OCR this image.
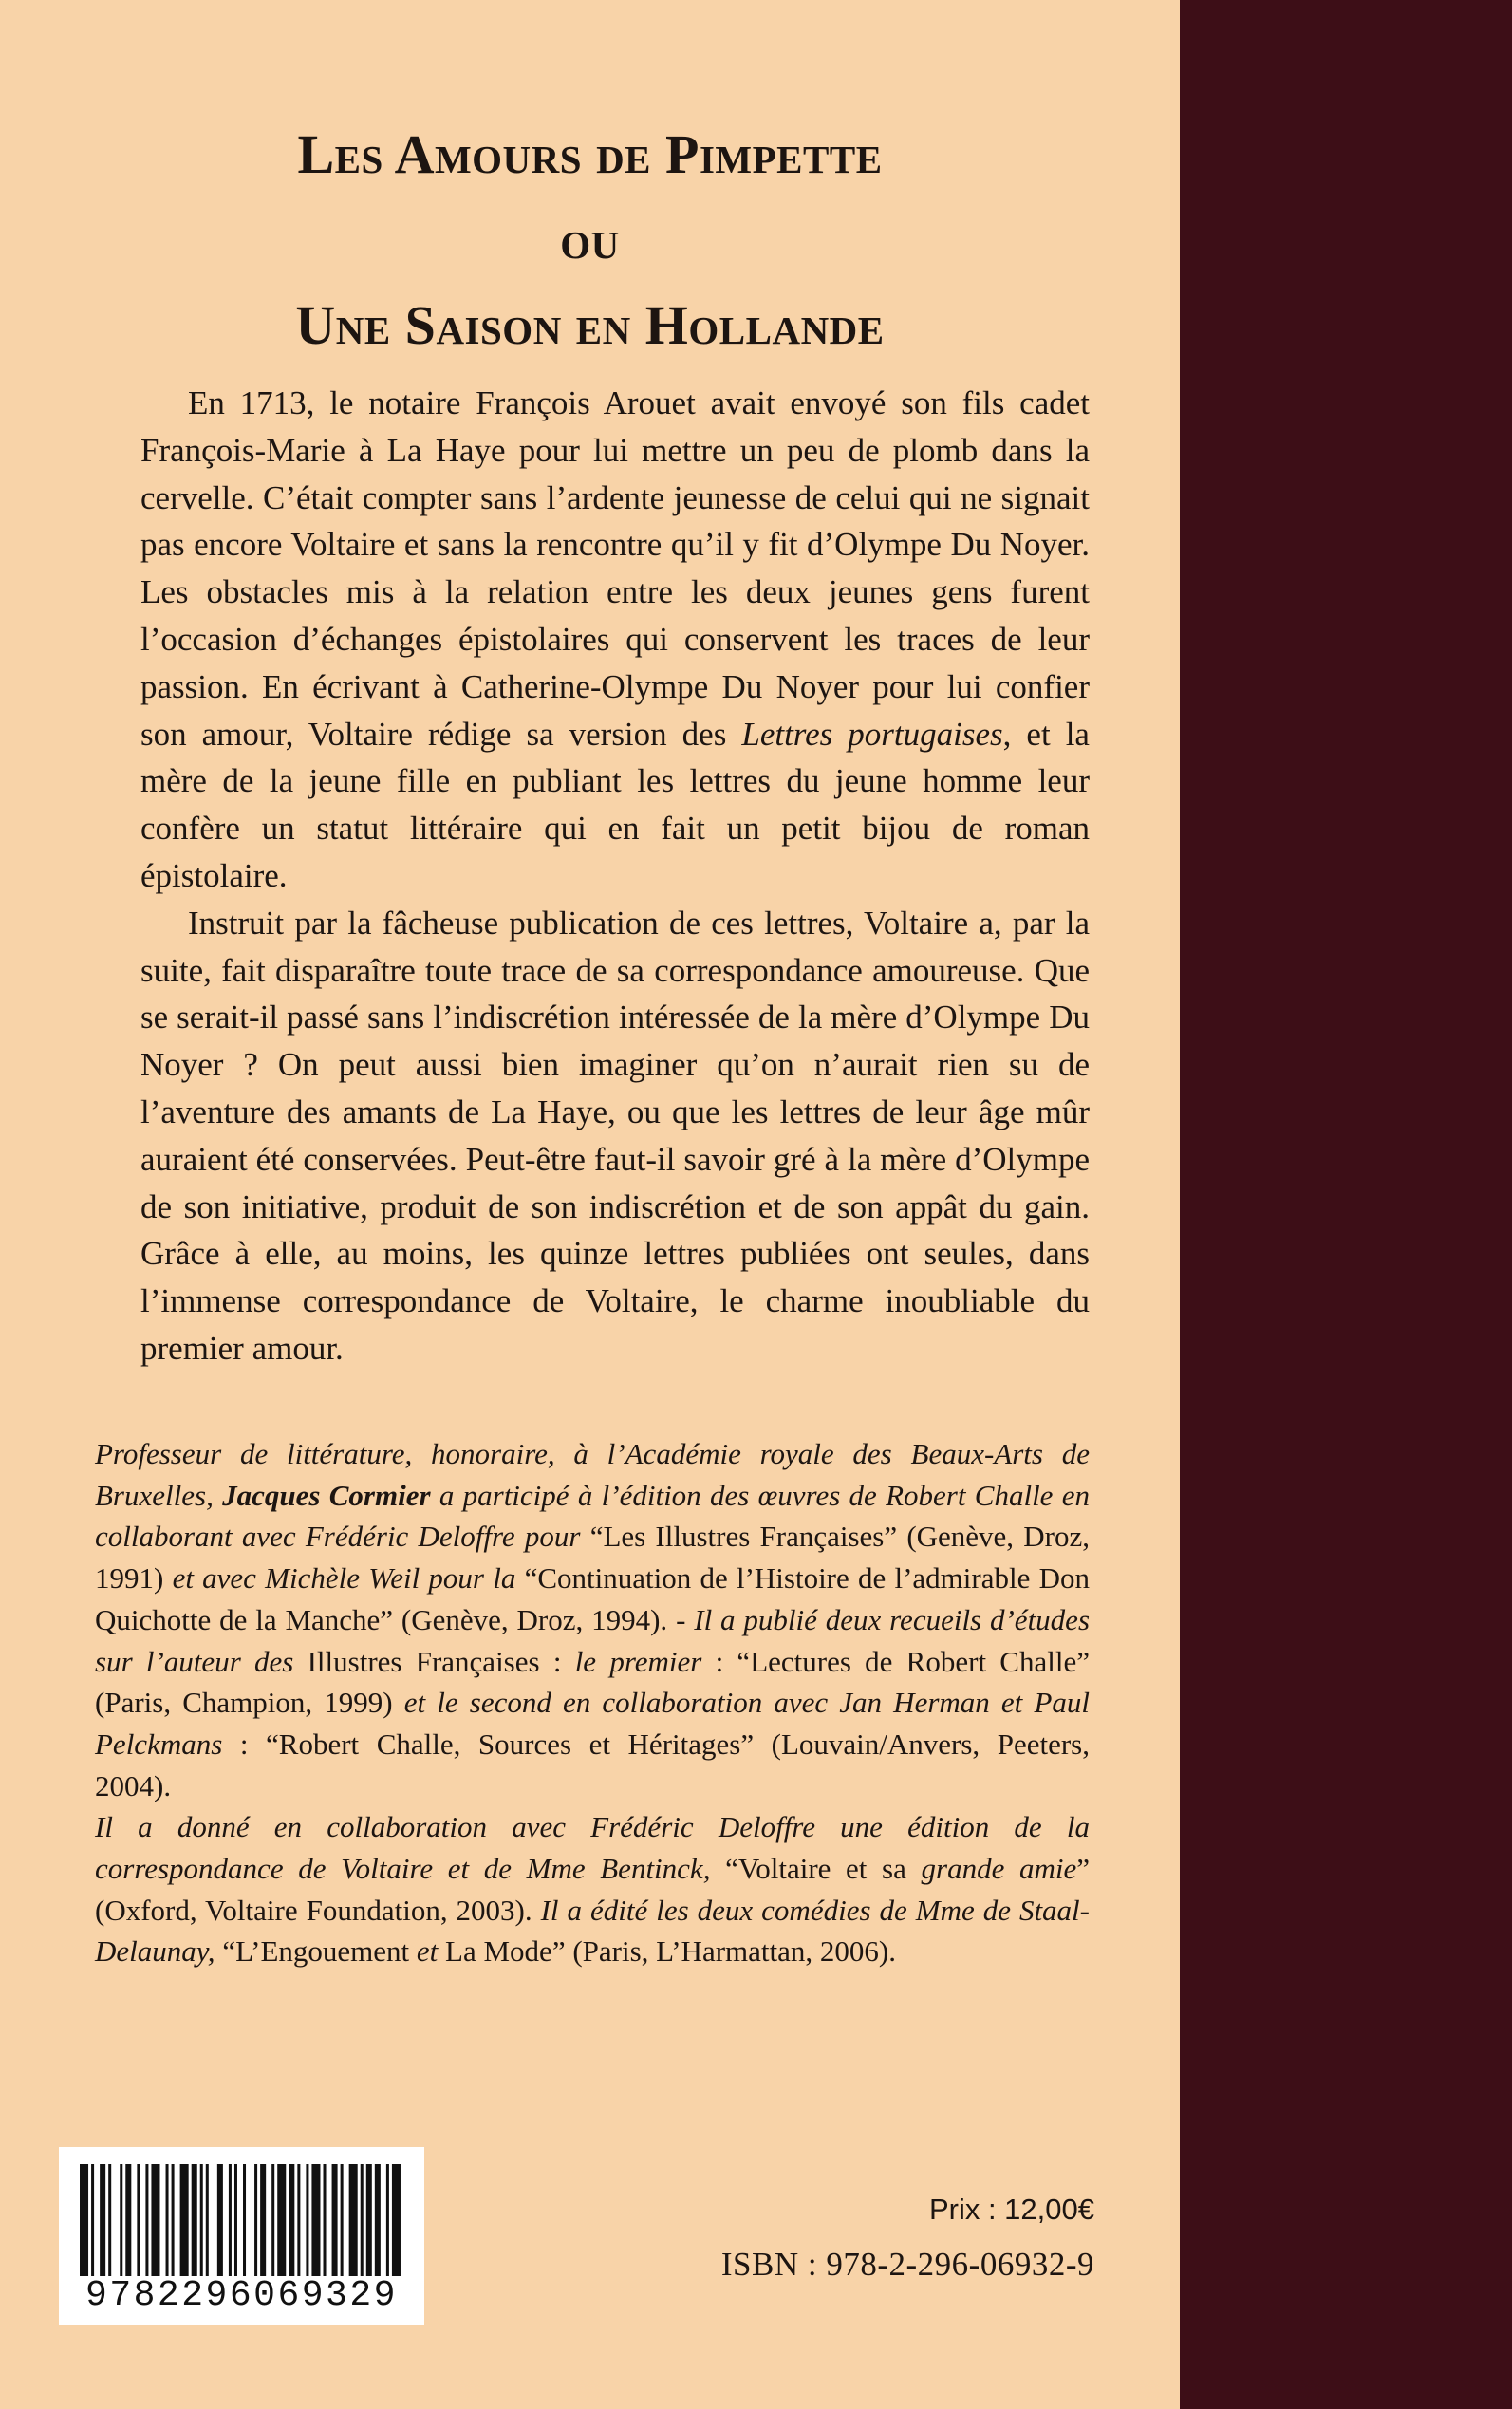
Les Amours de Pimpette
ou
Une Saison en Hollande

En 1713, le notaire François Arouet avait envoyé son fils cadet François-Marie à La Haye pour lui mettre un peu de plomb dans la cervelle. C’était compter sans l’ardente jeunesse de celui qui ne signait pas encore Voltaire et sans la rencontre qu’il y fit d’Olympe Du Noyer. Les obstacles mis à la relation entre les deux jeunes gens furent l’occasion d’échanges épistolaires qui conservent les traces de leur passion. En écrivant à Catherine-Olympe Du Noyer pour lui confier son amour, Voltaire rédige sa version des Lettres portugaises, et la mère de la jeune fille en publiant les lettres du jeune homme leur confère un statut littéraire qui en fait un petit bijou de roman épistolaire.

Instruit par la fâcheuse publication de ces lettres, Voltaire a, par la suite, fait disparaître toute trace de sa correspondance amoureuse. Que se serait-il passé sans l’indiscrétion intéressée de la mère d’Olympe Du Noyer ? On peut aussi bien imaginer qu’on n’aurait rien su de l’aventure des amants de La Haye, ou que les lettres de leur âge mûr auraient été conservées. Peut-être faut-il savoir gré à la mère d’Olympe de son initiative, produit de son indiscrétion et de son appât du gain. Grâce à elle, au moins, les quinze lettres publiées ont seules, dans l’immense correspondance de Voltaire, le charme inoubliable du premier amour.

Professeur de littérature, honoraire, à l’Académie royale des Beaux-Arts de Bruxelles, Jacques Cormier a participé à l’édition des œuvres de Robert Challe en collaborant avec Frédéric Deloffre pour “Les Illustres Françaises” (Genève, Droz, 1991) et avec Michèle Weil pour la “Continuation de l’Histoire de l’admirable Don Quichotte de la Manche” (Genève, Droz, 1994). - Il a publié deux recueils d’études sur l’auteur des Illustres Françaises : le premier : “Lectures de Robert Challe” (Paris, Champion, 1999) et le second en collaboration avec Jan Herman et Paul Pelckmans : “Robert Challe, Sources et Héritages” (Louvain/Anvers, Peeters, 2004).

Il a donné en collaboration avec Frédéric Deloffre une édition de la correspondance de Voltaire et de Mme Bentinck, “Voltaire et sa grande amie” (Oxford, Voltaire Foundation, 2003). Il a édité les deux comédies de Mme de Staal-Delaunay, “L’Engouement et La Mode” (Paris, L’Harmattan, 2006).

9782296069329
Prix : 12,00€
ISBN : 978-2-296-06932-9
